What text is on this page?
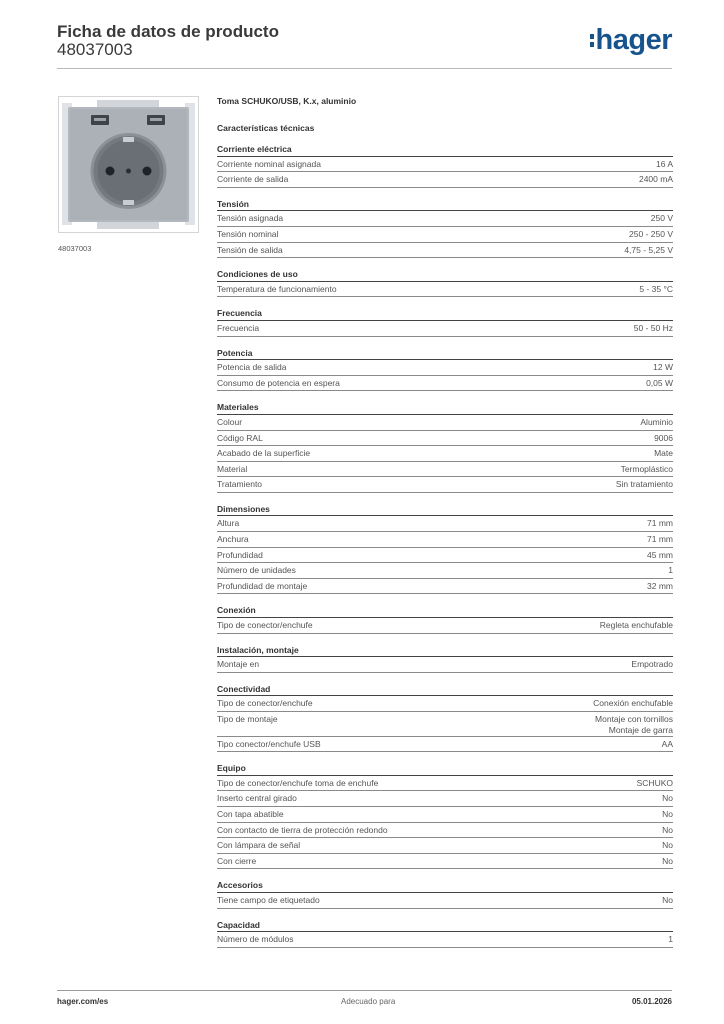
Ficha de datos de producto
48037003	hager
48037003
Toma SCHUKO/USB, K.x, aluminio
Características técnicas
Corriente eléctrica
Corriente nominal asignada	16 A
Corriente de salida	2400 mA
Tensión
Tensión asignada	250 V
Tensión nominal	250 - 250 V
Tensión de salida	4,75 - 5,25 V
Condiciones de uso
Temperatura de funcionamiento	5 - 35 °C
Frecuencia
Frecuencia	50 - 50 Hz
Potencia
Potencia de salida	12 W
Consumo de potencia en espera	0,05 W
Materiales
Colour	Aluminio
Código RAL	9006
Acabado de la superficie	Mate
Material	Termoplástico
Tratamiento	Sin tratamiento
Dimensiones
Altura	71 mm
Anchura	71 mm
Profundidad	45 mm
Número de unidades	1
Profundidad de montaje	32 mm
Conexión
Tipo de conector/enchufe	Regleta enchufable
Instalación, montaje
Montaje en	Empotrado
Conectividad
Tipo de conector/enchufe	Conexión enchufable
Tipo de montaje	Montaje con tornillos
Montaje de garra
Tipo conector/enchufe USB	AA
Equipo
Tipo de conector/enchufe toma de enchufe	SCHUKO
Inserto central girado	No
Con tapa abatible	No
Con contacto de tierra de protección redondo	No
Con lámpara de señal	No
Con cierre	No
Accesorios
Tiene campo de etiquetado	No
Capacidad
Número de módulos	1
hager.com/es	Adecuado para	05.01.2026
